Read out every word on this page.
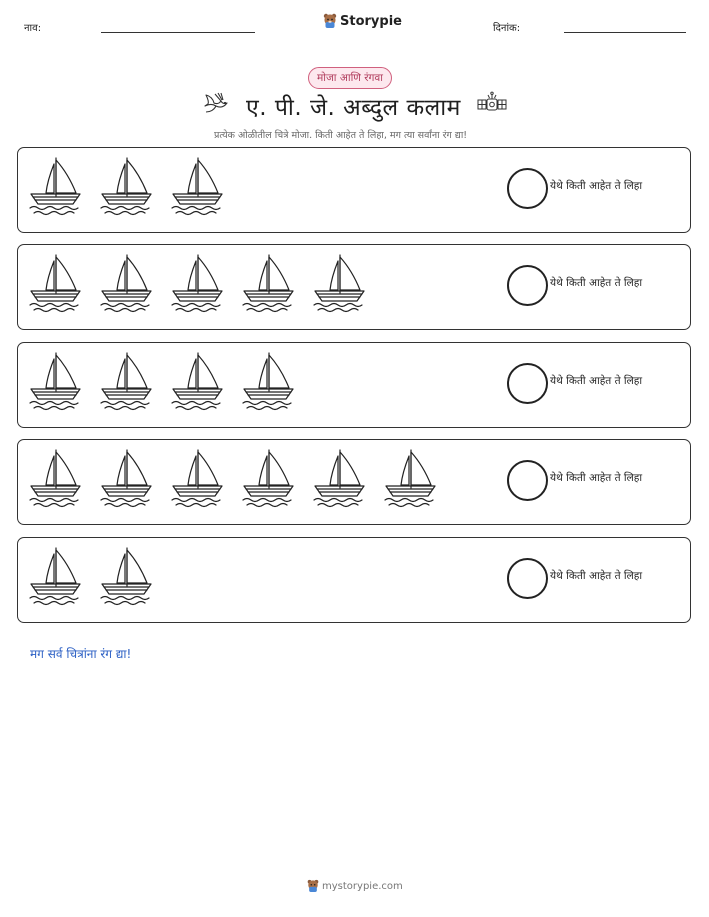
नाव:	Storypie	दिनांक:
मोजा आणि रंगवा
ए. पी. जे. अब्दुल कलाम
प्रत्येक ओळीतील चित्रे मोजा. किती आहेत ते लिहा, मग त्या सर्वांना रंग द्या!
येथे किती आहेत ते लिहा
येथे किती आहेत ते लिहा
येथे किती आहेत ते लिहा
येथे किती आहेत ते लिहा
येथे किती आहेत ते लिहा
मग सर्व चित्रांना रंग द्या!
mystorypie.com
